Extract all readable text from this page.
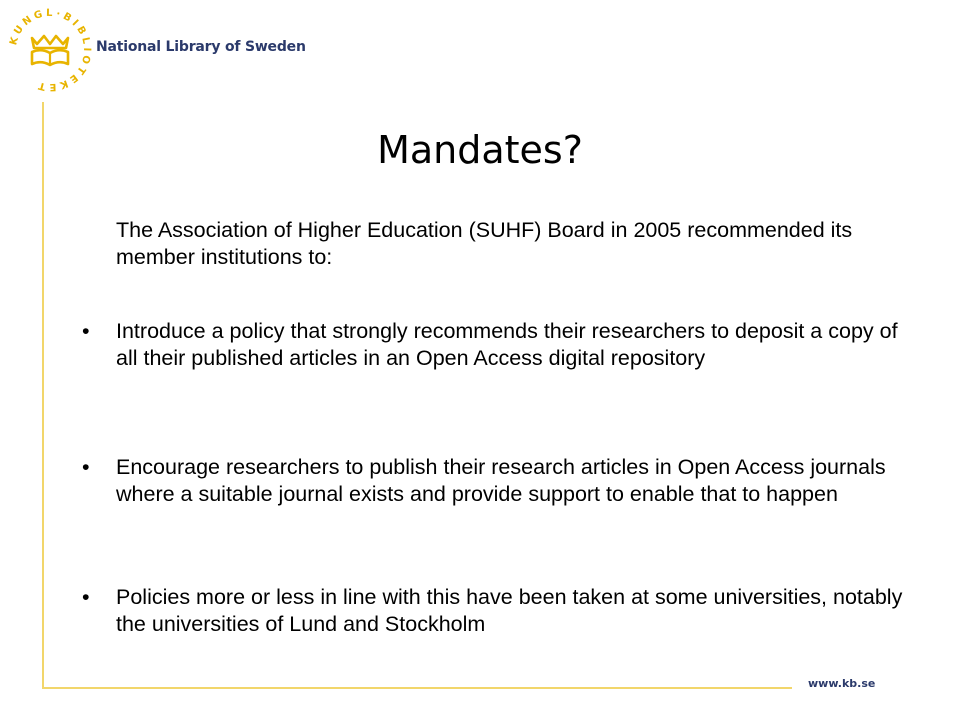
KUNGL·BIBLIOTEKET
National Library of Sweden
www.kb.se
Mandates?

The Association of Higher Education (SUHF) Board in 2005 recommended its member institutions to:

• Introduce a policy that strongly recommends their researchers to deposit a copy of all their published articles in an Open Access digital repository

• Encourage researchers to publish their research articles in Open Access journals where a suitable journal exists and provide support to enable that to happen

• Policies more or less in line with this have been taken at some universities, notably the universities of Lund and Stockholm
